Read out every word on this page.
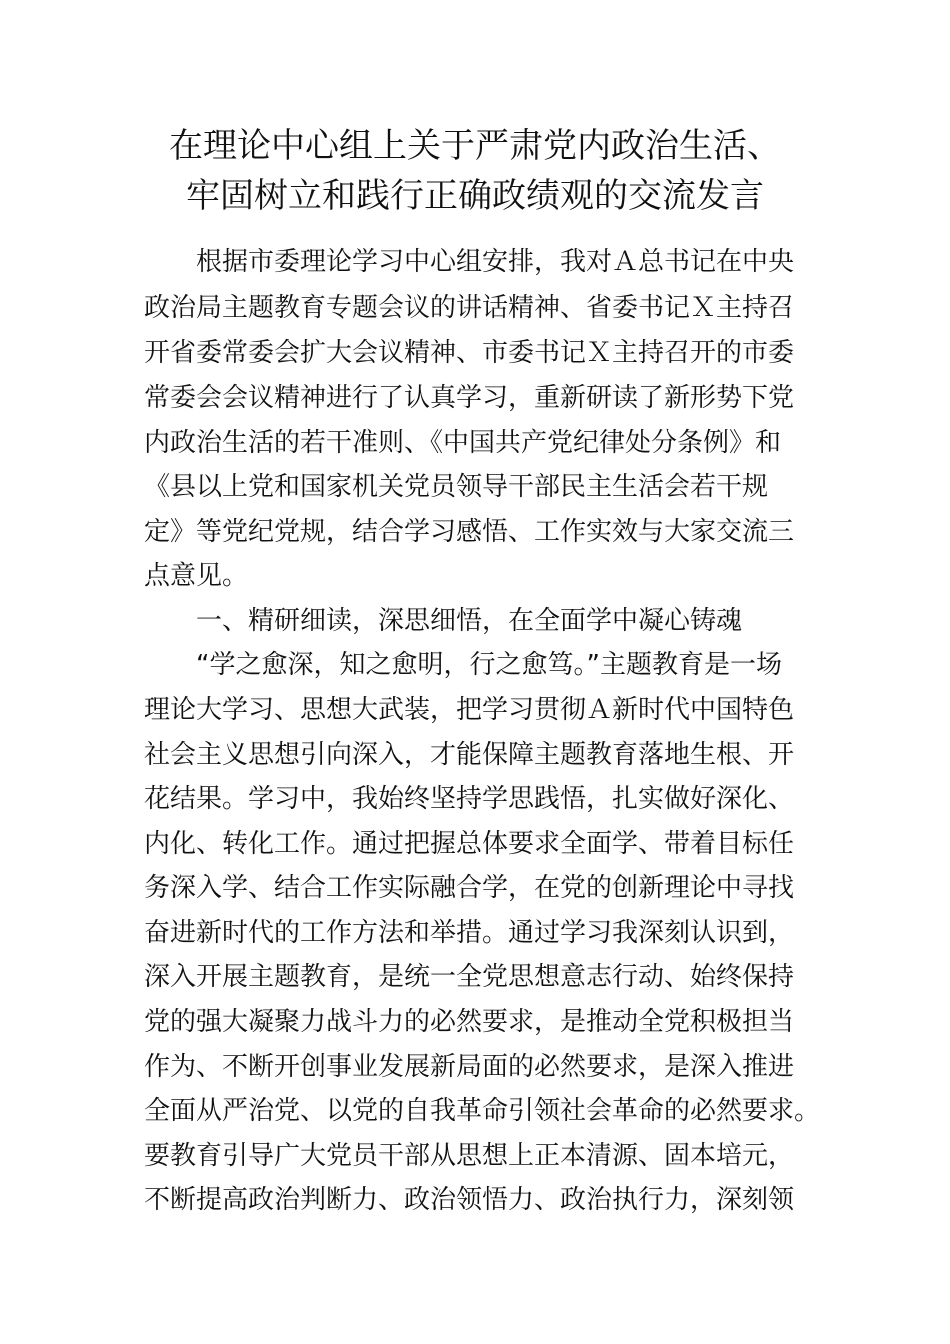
在理论中心组上关于严肃党内政治生活、
牢固树立和践行正确政绩观的交流发言
根据市委理论学习中心组安排，我对Ａ总书记在中央
政治局主题教育专题会议的讲话精神、省委书记Ｘ主持召
开省委常委会扩大会议精神、市委书记Ｘ主持召开的市委
常委会会议精神进行了认真学习，重新研读了新形势下党
内政治生活的若干准则、《中国共产党纪律处分条例》和
《县以上党和国家机关党员领导干部民主生活会若干规
定》等党纪党规，结合学习感悟、工作实效与大家交流三
点意见。
一、精研细读，深思细悟，在全面学中凝心铸魂
“学之愈深，知之愈明，行之愈笃。”主题教育是一场
理论大学习、思想大武装，把学习贯彻Ａ新时代中国特色
社会主义思想引向深入，才能保障主题教育落地生根、开
花结果。学习中，我始终坚持学思践悟，扎实做好深化、
内化、转化工作。通过把握总体要求全面学、带着目标任
务深入学、结合工作实际融合学，在党的创新理论中寻找
奋进新时代的工作方法和举措。通过学习我深刻认识到，
深入开展主题教育，是统一全党思想意志行动、始终保持
党的强大凝聚力战斗力的必然要求，是推动全党积极担当
作为、不断开创事业发展新局面的必然要求，是深入推进
全面从严治党、以党的自我革命引领社会革命的必然要求。
要教育引导广大党员干部从思想上正本清源、固本培元，
不断提高政治判断力、政治领悟力、政治执行力，深刻领
